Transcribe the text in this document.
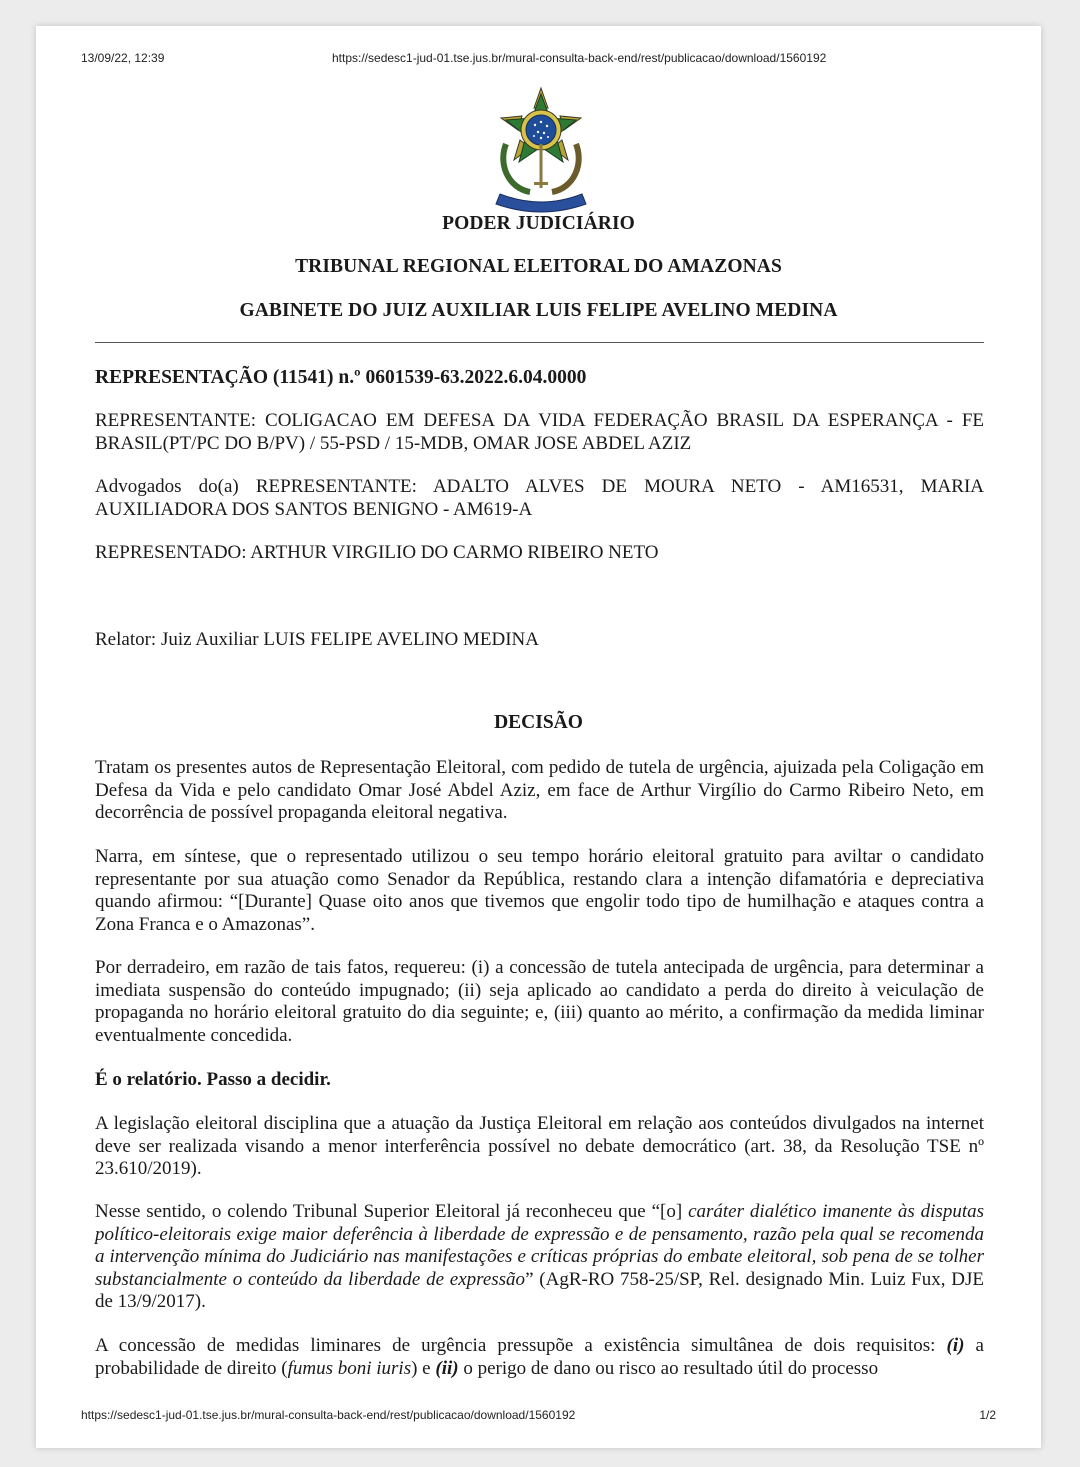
13/09/22, 12:39	https://sedesc1-jud-01.tse.jus.br/mural-consulta-back-end/rest/publicacao/download/1560192
PODER JUDICIÁRIO
TRIBUNAL REGIONAL ELEITORAL DO AMAZONAS
GABINETE DO JUIZ AUXILIAR LUIS FELIPE AVELINO MEDINA
REPRESENTAÇÃO (11541) n.º 0601539-63.2022.6.04.0000
REPRESENTANTE: COLIGACAO EM DEFESA DA VIDA FEDERAÇÃO BRASIL DA ESPERANÇA - FE BRASIL(PT/PC DO B/PV) / 55-PSD / 15-MDB, OMAR JOSE ABDEL AZIZ
Advogados do(a) REPRESENTANTE: ADALTO ALVES DE MOURA NETO - AM16531, MARIA AUXILIADORA DOS SANTOS BENIGNO - AM619-A
REPRESENTADO: ARTHUR VIRGILIO DO CARMO RIBEIRO NETO
Relator: Juiz Auxiliar LUIS FELIPE AVELINO MEDINA
DECISÃO
Tratam os presentes autos de Representação Eleitoral, com pedido de tutela de urgência, ajuizada pela Coligação em Defesa da Vida e pelo candidato Omar José Abdel Aziz, em face de Arthur Virgílio do Carmo Ribeiro Neto, em decorrência de possível propaganda eleitoral negativa.
Narra, em síntese, que o representado utilizou o seu tempo horário eleitoral gratuito para aviltar o candidato representante por sua atuação como Senador da República, restando clara a intenção difamatória e depreciativa quando afirmou: “[Durante] Quase oito anos que tivemos que engolir todo tipo de humilhação e ataques contra a Zona Franca e o Amazonas”.
Por derradeiro, em razão de tais fatos, requereu: (i) a concessão de tutela antecipada de urgência, para determinar a imediata suspensão do conteúdo impugnado; (ii) seja aplicado ao candidato a perda do direito à veiculação de propaganda no horário eleitoral gratuito do dia seguinte; e, (iii) quanto ao mérito, a confirmação da medida liminar eventualmente concedida.
É o relatório. Passo a decidir.
A legislação eleitoral disciplina que a atuação da Justiça Eleitoral em relação aos conteúdos divulgados na internet deve ser realizada visando a menor interferência possível no debate democrático (art. 38, da Resolução TSE nº 23.610/2019).
Nesse sentido, o colendo Tribunal Superior Eleitoral já reconheceu que “[o] caráter dialético imanente às disputas político-eleitorais exige maior deferência à liberdade de expressão e de pensamento, razão pela qual se recomenda a intervenção mínima do Judiciário nas manifestações e críticas próprias do embate eleitoral, sob pena de se tolher substancialmente o conteúdo da liberdade de expressão” (AgR-RO 758-25/SP, Rel. designado Min. Luiz Fux, DJE de 13/9/2017).
A concessão de medidas liminares de urgência pressupõe a existência simultânea de dois requisitos: (i) a probabilidade de direito (fumus boni iuris) e (ii) o perigo de dano ou risco ao resultado útil do processo
https://sedesc1-jud-01.tse.jus.br/mural-consulta-back-end/rest/publicacao/download/1560192	1/2
